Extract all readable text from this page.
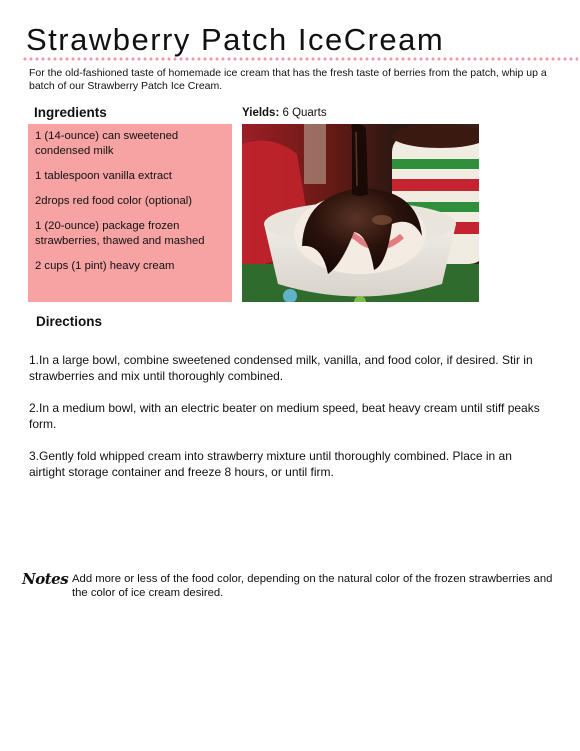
Strawberry Patch IceCream

For the old-fashioned taste of homemade ice cream that has the fresh taste of berries from the patch, whip up a batch of our Strawberry Patch Ice Cream.

Ingredients	Yields: 6 Quarts
1 (14-ounce) can sweetened condensed milk
1 tablespoon vanilla extract
2drops red food color (optional)
1 (20-ounce) package frozen strawberries, thawed and mashed
2 cups (1 pint) heavy cream
Directions
1.In a large bowl, combine sweetened condensed milk, vanilla, and food color, if desired. Stir in strawberries and mix until thoroughly combined.
2.In a medium bowl, with an electric beater on medium speed, beat heavy cream until stiff peaks form.
3.Gently fold whipped cream into strawberry mixture until thoroughly combined. Place in an airtight storage container and freeze 8 hours, or until firm.
Notes Add more or less of the food color, depending on the natural color of the frozen strawberries and the color of ice cream desired.
